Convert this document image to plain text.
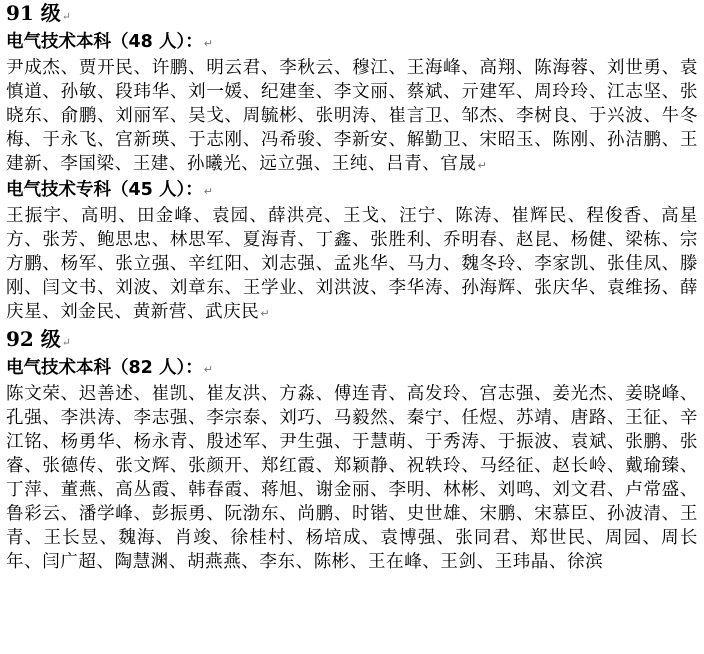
91 级↵

电气技术本科（48 人）：↵

尹成杰、贾开民、许鹏、明云君、李秋云、穆江、王海峰、高翔、陈海蓉、刘世勇、袁慎道、孙敏、段玮华、刘一媛、纪建奎、李文丽、蔡斌、亓建军、周玲玲、江志坚、张晓东、俞鹏、刘丽军、吴戈、周毓彬、张明涛、崔言卫、邹杰、李树良、于兴波、牛冬梅、于永飞、宫新瑛、于志刚、冯希骏、李新安、解勤卫、宋昭玉、陈刚、孙洁鹏、王建新、李国梁、王建、孙曦光、远立强、王纯、吕青、官晟↵

电气技术专科（45 人）：↵

王振宇、高明、田金峰、袁园、薛洪亮、王戈、汪宁、陈涛、崔辉民、程俊香、高星方、张芳、鲍思忠、林思军、夏海青、丁鑫、张胜利、乔明春、赵昆、杨健、梁栋、宗方鹏、杨军、张立强、辛红阳、刘志强、孟兆华、马力、魏冬玲、李家凯、张佳凤、滕刚、闫文书、刘波、刘章东、王学业、刘洪波、李华涛、孙海辉、张庆华、袁维扬、薛庆星、刘金民、黄新营、武庆民↵

92 级↵

电气技术本科（82 人）：↵

陈文荣、迟善述、崔凯、崔友洪、方淼、傅连青、高发玲、宫志强、姜光杰、姜晓峰、孔强、李洪涛、李志强、李宗泰、刘巧、马毅然、秦宁、任煜、苏靖、唐路、王征、辛江铭、杨勇华、杨永青、殷述军、尹生强、于慧萌、于秀涛、于振波、袁斌、张鹏、张睿、张德传、张文辉、张颜开、郑红霞、郑颖静、祝轶玲、马经征、赵长岭、戴瑜臻、丁萍、董燕、高丛霞、韩春霞、蒋旭、谢金丽、李明、林彬、刘鸣、刘文君、卢常盛、鲁彩云、潘学峰、彭振勇、阮渤东、尚鹏、时锴、史世雄、宋鹏、宋慕臣、孙波清、王青、王长昱、魏海、肖竣、徐桂村、杨培成、袁博强、张同君、郑世民、周园、周长年、闫广超、陶慧渊、胡燕燕、李东、陈彬、王在峰、王剑、王玮晶、徐滨
